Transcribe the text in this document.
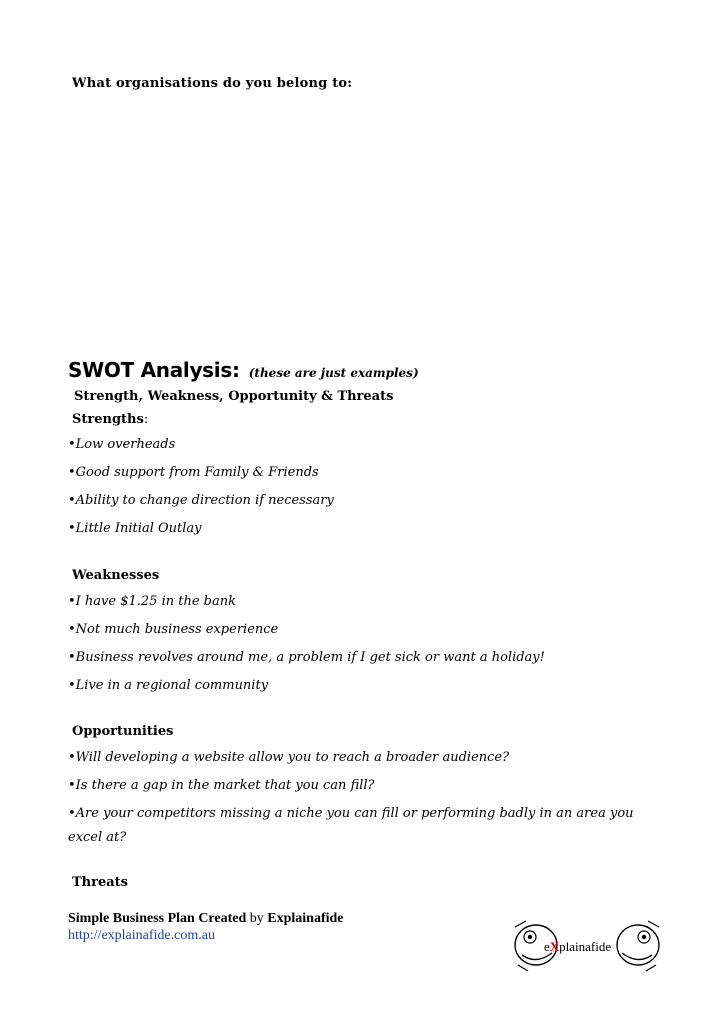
What organisations do you belong to:
SWOT Analysis: (these are just examples)
Strength, Weakness, Opportunity & Threats
Strengths:
•Low overheads
•Good support from Family & Friends
•Ability to change direction if necessary
•Little Initial Outlay
Weaknesses
•I have $1.25 in the bank
•Not much business experience
•Business revolves around me, a problem if I get sick or want a holiday!
•Live in a regional community
Opportunities
•Will developing a website allow you to reach a broader audience?
•Is there a gap in the market that you can fill?
•Are your competitors missing a niche you can fill or performing badly in an area you excel at?
Threats
Simple Business Plan Created by Explainafide
http://explainafide.com.au
eXplainafide
